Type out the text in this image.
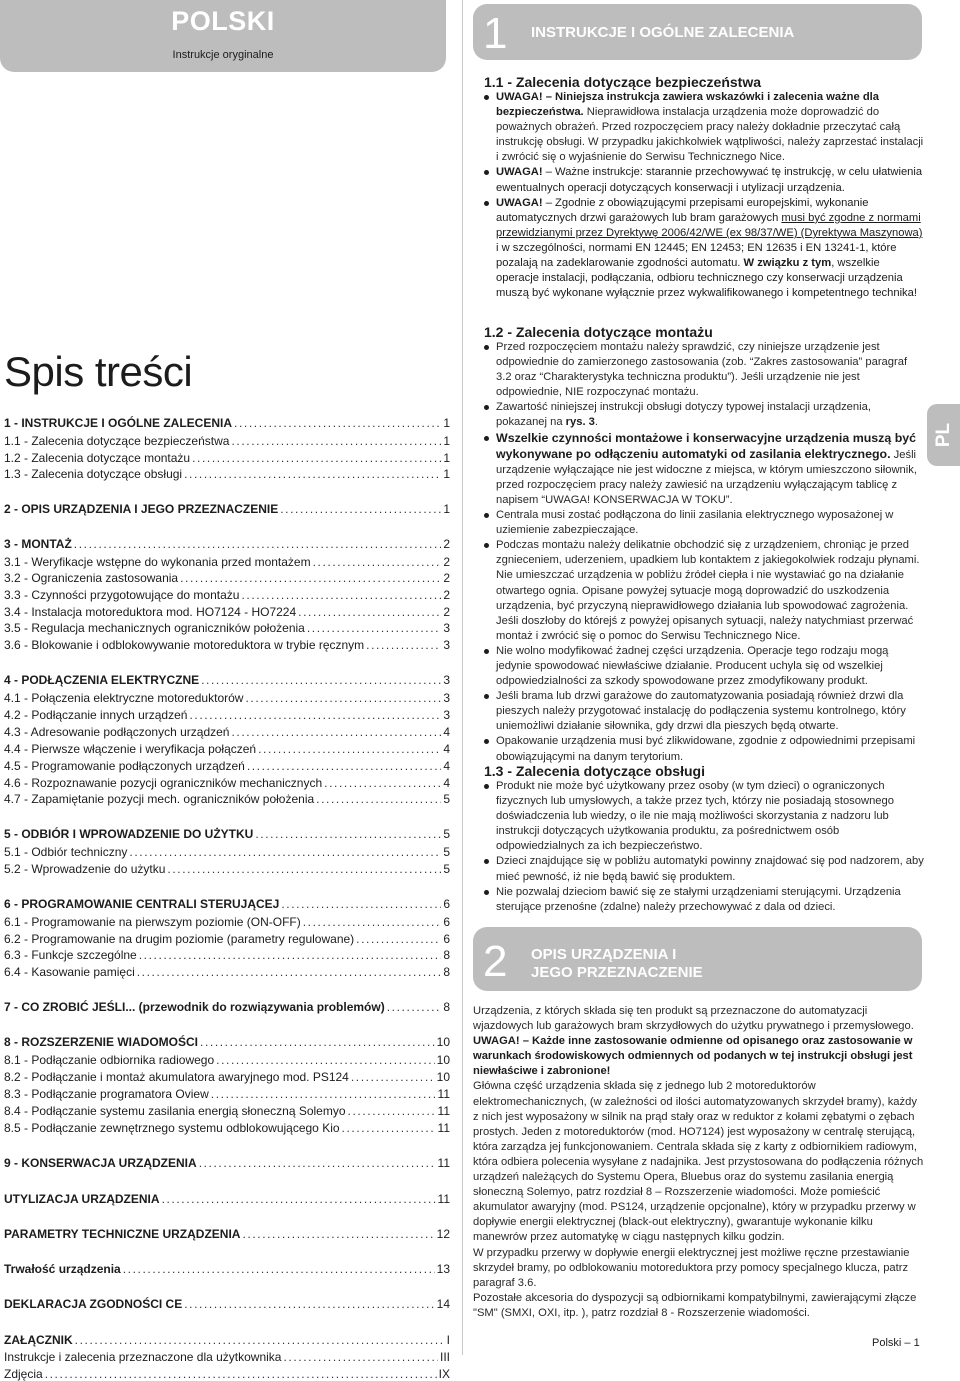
POLSKI
Instrukcje oryginalne
Spis treści
1 - INSTRUKCJE I OGÓLNE ZALECENIA .....	1
1.1 - Zalecenia dotyczące bezpieczeństwa .....	1
1.2 - Zalecenia dotyczące montażu .....	1
1.3 - Zalecenia dotyczące obsługi .....	1
2 - OPIS URZĄDZENIA I JEGO PRZEZNACZENIE .....	1
3 - MONTAŻ .....	2
3.1 - Weryfikacje wstępne do wykonania przed montażem .....	2
3.2 - Ograniczenia zastosowania .....	2
3.3 - Czynności przygotowujące do montażu .....	2
3.4 - Instalacja motoreduktora mod. HO7124 - HO7224 .....	2
3.5 - Regulacja mechanicznych ograniczników położenia .....	3
3.6 - Blokowanie i odblokowywanie motoreduktora w trybie ręcznym .....	3
4 - PODŁĄCZENIA ELEKTRYCZNE .....	3
4.1 - Połączenia elektryczne motoreduktorów .....	3
4.2 - Podłączanie innych urządzeń .....	3
4.3 - Adresowanie podłączonych urządzeń .....	4
4.4 - Pierwsze włączenie i weryfikacja połączeń .....	4
4.5 - Programowanie podłączonych urządzeń .....	4
4.6 - Rozpoznawanie pozycji ograniczników mechanicznych .....	4
4.7 - Zapamiętanie pozycji mech. ograniczników położenia .....	5
5 - ODBIÓR I WPROWADZENIE DO UŻYTKU .....	5
5.1 - Odbiór techniczny .....	5
5.2 - Wprowadzenie do użytku .....	5
6 - PROGRAMOWANIE CENTRALI STERUJĄCEJ .....	6
6.1 - Programowanie na pierwszym poziomie (ON-OFF) .....	6
6.2 - Programowanie na drugim poziomie (parametry regulowane) .....	6
6.3 - Funkcje szczególne .....	8
6.4 - Kasowanie pamięci .....	8
7 - CO ZROBIĆ JEŚLI... (przewodnik do rozwiązywania problemów) .....	8
8 - ROZSZERZENIE WIADOMOŚCI .....	10
8.1 - Podłączanie odbiornika radiowego .....	10
8.2 - Podłączanie i montaż akumulatora awaryjnego mod. PS124 .....	10
8.3 - Podłączanie programatora Oview .....	11
8.4 - Podłączanie systemu zasilania energią słoneczną Solemyo .....	11
8.5 - Podłączanie zewnętrznego systemu odblokowującego Kio .....	11
9 - KONSERWACJA URZĄDZENIA .....	11
UTYLIZACJA URZĄDZENIA .....	11
PARAMETRY TECHNICZNE URZĄDZENIA .....	12
Trwałość urządzenia .....	13
DEKLARACJA ZGODNOŚCI CE .....	14
ZAŁĄCZNIK .....	I
Instrukcje i zalecenia przeznaczone dla użytkownika .....	III
Zdjęcia .....	IX
1 INSTRUKCJE I OGÓLNE ZALECENIA
1.1 - Zalecenia dotyczące bezpieczeństwa
UWAGA! – Niniejsza instrukcja zawiera wskazówki i zalecenia ważne dla bezpieczeństwa. Nieprawidłowa instalacja urządzenia może doprowadzić do poważnych obrażeń. Przed rozpoczęciem pracy należy dokładnie przeczytać całą instrukcję obsługi. W przypadku jakichkolwiek wątpliwości, należy zaprzestać instalacji i zwrócić się o wyjaśnienie do Serwisu Technicznego Nice.
UWAGA! – Ważne instrukcje: starannie przechowywać tę instrukcję, w celu ułatwienia ewentualnych operacji dotyczących konserwacji i utylizacji urządzenia.
UWAGA! – Zgodnie z obowiązującymi przepisami europejskimi, wykonanie automatycznych drzwi garażowych lub bram garażowych musi być zgodne z normami przewidzianymi przez Dyrektywę 2006/42/WE (ex 98/37/WE) (Dyrektywa Maszynowa) i w szczególności, normami EN 12445; EN 12453; EN 12635 i EN 13241-1, które pozalają na zadeklarowanie zgodności automatu. W związku z tym, wszelkie operacje instalacji, podłączania, odbioru technicznego czy konserwacji urządzenia muszą być wykonane wyłącznie przez wykwalifikowanego i kompetentnego technika!
1.2 - Zalecenia dotyczące montażu
Przed rozpoczęciem montażu należy sprawdzić, czy niniejsze urządzenie jest odpowiednie do zamierzonego zastosowania (zob. “Zakres zastosowania” paragraf 3.2 oraz “Charakterystyka techniczna produktu”). Jeśli urządzenie nie jest odpowiednie, NIE rozpoczynać montażu.
Zawartość niniejszej instrukcji obsługi dotyczy typowej instalacji urządzenia, pokazanej na rys. 3.
Wszelkie czynności montażowe i konserwacyjne urządzenia muszą być wykonywane po odłączeniu automatyki od zasilania elektrycznego. Jeśli urządzenie wyłączające nie jest widoczne z miejsca, w którym umieszczono siłownik, przed rozpoczęciem pracy należy zawiesić na urządzeniu wyłączającym tablicę z napisem “UWAGA! KONSERWACJA W TOKU”.
Centrala musi zostać podłączona do linii zasilania elektrycznego wyposażonej w uziemienie zabezpieczające.
Podczas montażu należy delikatnie obchodzić się z urządzeniem, chroniąc je przed zgnieceniem, uderzeniem, upadkiem lub kontaktem z jakiegokolwiek rodzaju płynami. Nie umieszczać urządzenia w pobliżu źródeł ciepła i nie wystawiać go na działanie otwartego ognia. Opisane powyżej sytuacje mogą doprowadzić do uszkodzenia urządzenia, być przyczyną nieprawidłowego działania lub spowodować zagrożenia. Jeśli doszłoby do którejś z powyżej opisanych sytuacji, należy natychmiast przerwać montaż i zwrócić się o pomoc do Serwisu Technicznego Nice.
Nie wolno modyfikować żadnej części urządzenia. Operacje tego rodzaju mogą jedynie spowodować niewłaściwe działanie. Producent uchyla się od wszelkiej odpowiedzialności za szkody spowodowane przez zmodyfikowany produkt.
Jeśli brama lub drzwi garażowe do zautomatyzowania posiadają również drzwi dla pieszych należy przygotować instalację do podłączenia systemu kontrolnego, który uniemożliwi działanie siłownika, gdy drzwi dla pieszych będą otwarte.
Opakowanie urządzenia musi być zlikwidowane, zgodnie z odpowiednimi przepisami obowiązującymi na danym terytorium.
1.3 - Zalecenia dotyczące obsługi
Produkt nie może być użytkowany przez osoby (w tym dzieci) o ograniczonych fizycznych lub umysłowych, a także przez tych, którzy nie posiadają stosownego doświadczenia lub wiedzy, o ile nie mają możliwości skorzystania z nadzoru lub instrukcji dotyczących użytkowania produktu, za pośrednictwem osób odpowiedzialnych za ich bezpieczeństwo.
Dzieci znajdujące się w pobliżu automatyki powinny znajdować się pod nadzorem, aby mieć pewność, iż nie będą bawić się produktem.
Nie pozwalaj dzieciom bawić się ze stałymi urządzeniami sterującymi. Urządzenia sterujące przenośne (zdalne) należy przechowywać z dala od dzieci.
2 OPIS URZĄDZENIA I
JEGO PRZEZNACZENIE

Urządzenia, z których składa się ten produkt są przeznaczone do automatyzacji wjazdowych lub garażowych bram skrzydłowych do użytku prywatnego i przemysłowego. UWAGA! – Każde inne zastosowanie odmienne od opisanego oraz zastosowanie w warunkach środowiskowych odmiennych od podanych w tej instrukcji obsługi jest niewłaściwe i zabronione!

Główna część urządzenia składa się z jednego lub 2 motoreduktorów elektromechanicznych, (w zależności od ilości automatyzowanych skrzydeł bramy), każdy z nich jest wyposażony w silnik na prąd stały oraz w reduktor z kołami zębatymi o zębach prostych. Jeden z motoreduktorów (mod. HO7124) jest wyposażony w centralę sterującą, która zarządza jej funkcjonowaniem. Centrala składa się z karty z odbiornikiem radiowym, która odbiera polecenia wysyłane z nadajnika. Jest przystosowana do podłączenia różnych urządzeń należących do Systemu Opera, Bluebus oraz do systemu zasilania energią słoneczną Solemyo, patrz rozdział 8 – Rozszerzenie wiadomości. Może pomieścić akumulator awaryjny (mod. PS124, urządzenie opcjonalne), który w przypadku przerwy w dopływie energii elektrycznej (black-out elektryczny), gwarantuje wykonanie kilku manewrów przez automatykę w ciągu następnych kilku godzin.

W przypadku przerwy w dopływie energii elektrycznej jest możliwe ręczne przestawianie skrzydeł bramy, po odblokowaniu motoreduktora przy pomocy specjalnego klucza, patrz paragraf 3.6.

Pozostałe akcesoria do dyspozycji są odbiornikami kompatybilnymi, zawierającymi złącze "SM" (SMXI, OXI, itp. ), patrz rozdział 8 - Rozszerzenie wiadomości.

PL
Polski – 1
